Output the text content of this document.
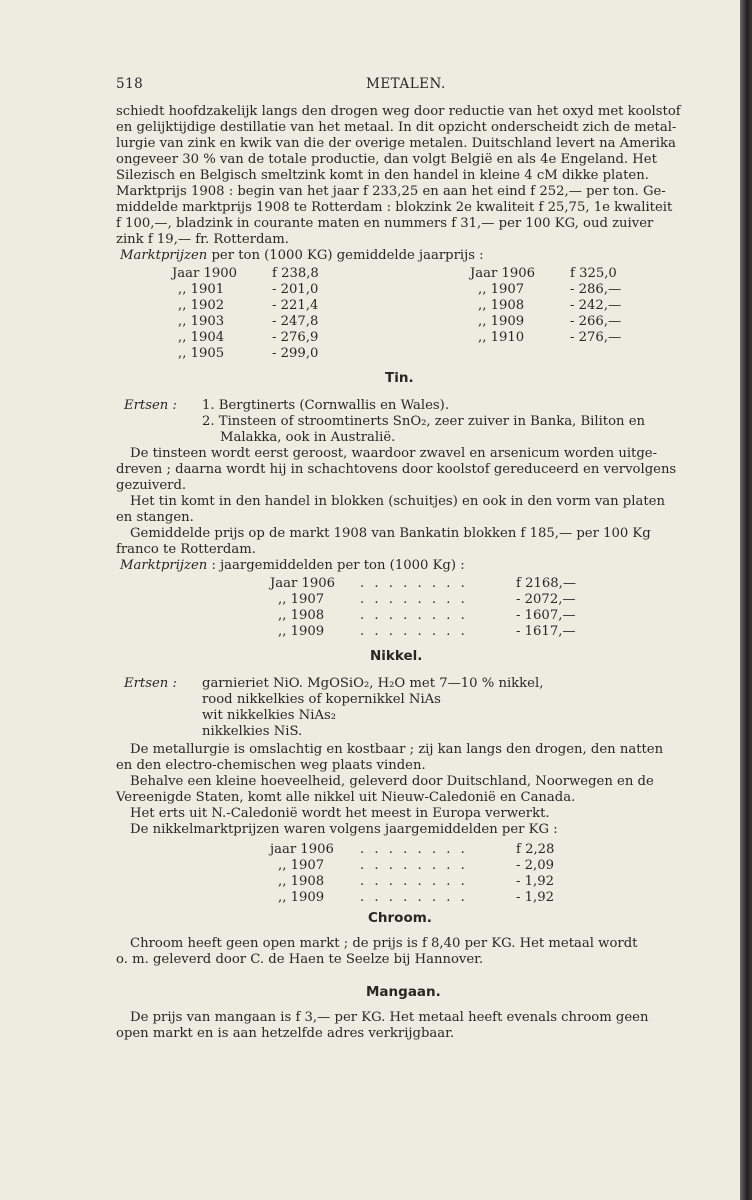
518	METALEN.
schiedt hoofdzakelijk langs den drogen weg door reductie van het oxyd met koolstof
en gelijktijdige destillatie van het metaal. In dit opzicht onderscheidt zich de metal-
lurgie van zink en kwik van die der overige metalen. Duitschland levert na Amerika
ongeveer 30 % van de totale productie, dan volgt België en als 4e Engeland. Het
Silezisch en Belgisch smeltzink komt in den handel in kleine 4 cM dikke platen.
Marktprijs 1908 : begin van het jaar f 233,25 en aan het eind f 252,— per ton. Ge-
middelde marktprijs 1908 te Rotterdam : blokzink 2e kwaliteit f 25,75, 1e kwaliteit
f 100,—, bladzink in courante maten en nummers f 31,— per 100 KG, oud zuiver
zink f 19,— fr. Rotterdam.
Marktprijzen per ton (1000 KG) gemiddelde jaarprijs :
Jaar 1900	f 238,8
,, 1901	- 201,0
,, 1902	- 221,4
,, 1903	- 247,8
,, 1904	- 276,9
,, 1905	- 299,0
Jaar 1906	f 325,0
,, 1907	- 286,—
,, 1908	- 242,—
,, 1909	- 266,—
,, 1910	- 276,—
Tin.
Ertsen : 1. Bergtinerts (Cornwallis en Wales).
2. Tinsteen of stroomtinerts SnO₂, zeer zuiver in Banka, Biliton en
Malakka, ook in Australië.
De tinsteen wordt eerst geroost, waardoor zwavel en arsenicum worden uitge-
dreven ; daarna wordt hij in schachtovens door koolstof gereduceerd en vervolgens
gezuiverd.
Het tin komt in den handel in blokken (schuitjes) en ook in den vorm van platen
en stangen.
Gemiddelde prijs op de markt 1908 van Bankatin blokken f 185,— per 100 Kg
franco te Rotterdam.
Marktprijzen : jaargemiddelden per ton (1000 Kg) :
Jaar 1906 . . . . . . . .	f 2168,—
,, 1907	. . . . . . . .	- 2072,—
,, 1908	. . . . . . . .	- 1607,—
,, 1909	. . . . . . . .	- 1617,—
Nikkel.
Ertsen : garnieriet NiO. MgOSiO₂, H₂O met 7—10 % nikkel,
rood nikkelkies of kopernikkel NiAs
wit nikkelkies NiAs₂
nikkelkies NiS.
De metallurgie is omslachtig en kostbaar ; zij kan langs den drogen, den natten
en den electro-chemischen weg plaats vinden.
Behalve een kleine hoeveelheid, geleverd door Duitschland, Noorwegen en de
Vereenigde Staten, komt alle nikkel uit Nieuw-Caledonië en Canada.
Het erts uit N.-Caledonië wordt het meest in Europa verwerkt.
De nikkelmarktprijzen waren volgens jaargemiddelden per KG :
jaar 1906 . . . . . . . .	f 2,28
,, 1907	. . . . . . . .	- 2,09
,, 1908	. . . . . . . .	- 1,92
,, 1909	. . . . . . . .	- 1,92
Chroom.
Chroom heeft geen open markt ; de prijs is f 8,40 per KG. Het metaal wordt
o. m. geleverd door C. de Haen te Seelze bij Hannover.
Mangaan.
De prijs van mangaan is f 3,— per KG. Het metaal heeft evenals chroom geen
open markt en is aan hetzelfde adres verkrijgbaar.
